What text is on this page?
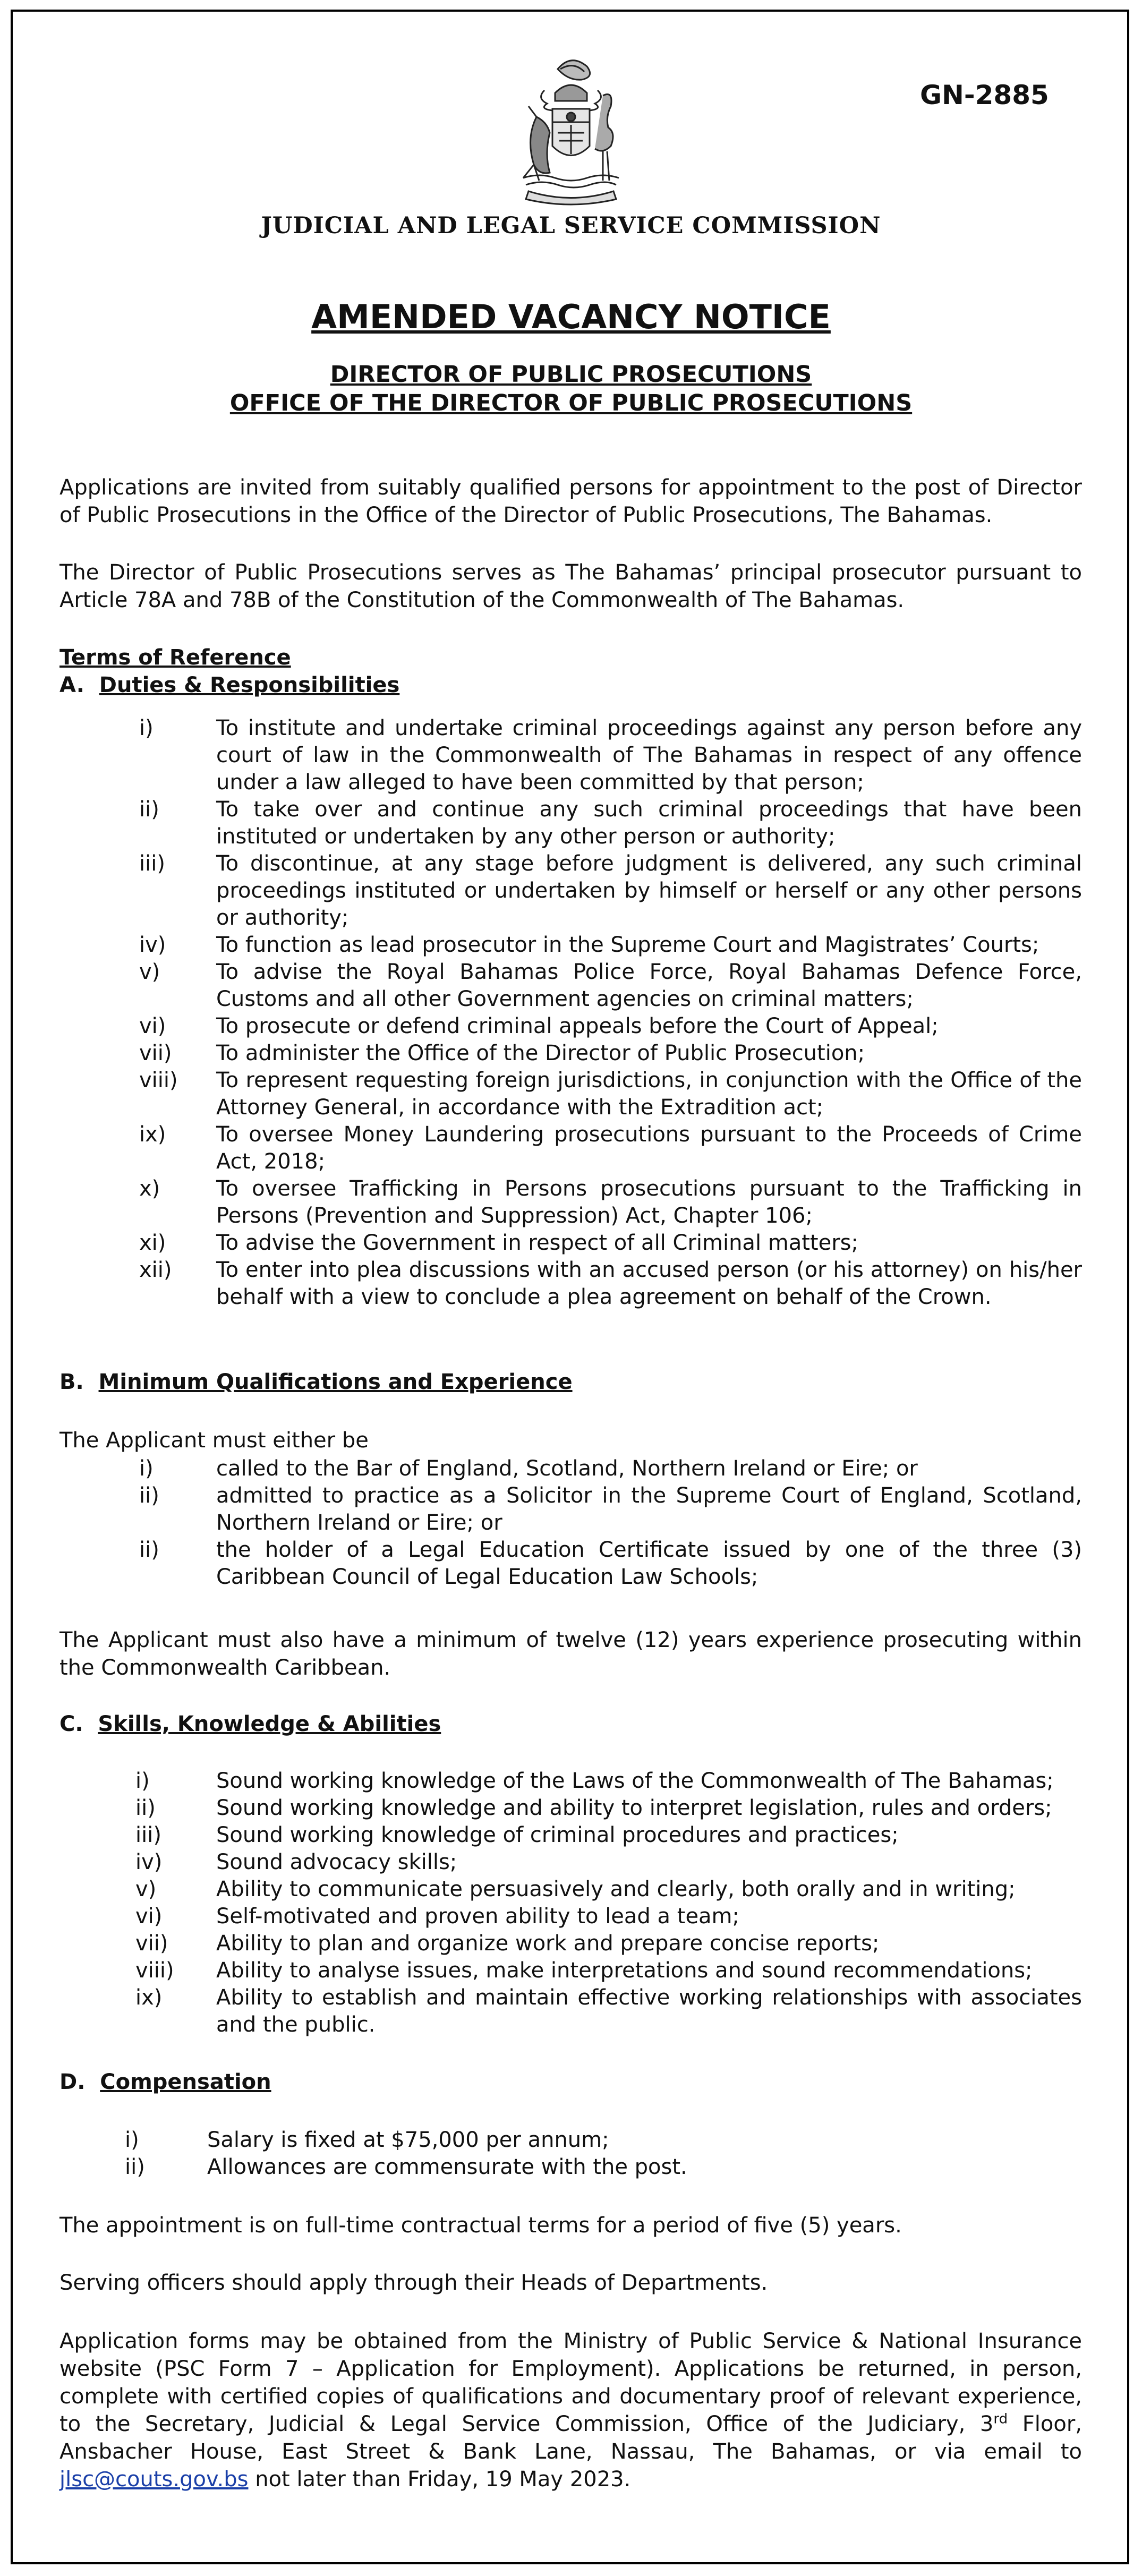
GN-2885
JUDICIAL AND LEGAL SERVICE COMMISSION
AMENDED VACANCY NOTICE
DIRECTOR OF PUBLIC PROSECUTIONS
OFFICE OF THE DIRECTOR OF PUBLIC PROSECUTIONS
Applications are invited from suitably qualified persons for appointment to the post of Director of Public Prosecutions in the Office of the Director of Public Prosecutions, The Bahamas.
The Director of Public Prosecutions serves as The Bahamas’ principal prosecutor pursuant to Article 78A and 78B of the Constitution of the Commonwealth of The Bahamas.
Terms of Reference
A. Duties & Responsibilities
i)	To institute and undertake criminal proceedings against any person before any court of law in the Commonwealth of The Bahamas in respect of any offence under a law alleged to have been committed by that person;
ii)	To take over and continue any such criminal proceedings that have been instituted or undertaken by any other person or authority;
iii) To discontinue, at any stage before judgment is delivered, any such criminal proceedings instituted or undertaken by himself or herself or any other persons or authority;
iv) To function as lead prosecutor in the Supreme Court and Magistrates’ Courts;
v)	To advise the Royal Bahamas Police Force, Royal Bahamas Defence Force, Customs and all other Government agencies on criminal matters;
vi) To prosecute or defend criminal appeals before the Court of Appeal;
vii) To administer the Office of the Director of Public Prosecution;
viii) To represent requesting foreign jurisdictions, in conjunction with the Office of the Attorney General, in accordance with the Extradition act;
ix) To oversee Money Laundering prosecutions pursuant to the Proceeds of Crime Act, 2018;
x)	To oversee Trafficking in Persons prosecutions pursuant to the Trafficking in Persons (Prevention and Suppression) Act, Chapter 106;
xi) To advise the Government in respect of all Criminal matters;
xii) To enter into plea discussions with an accused person (or his attorney) on his/her behalf with a view to conclude a plea agreement on behalf of the Crown.
B. Minimum Qualifications and Experience
The Applicant must either be
i)	called to the Bar of England, Scotland, Northern Ireland or Eire; or
ii)	admitted to practice as a Solicitor in the Supreme Court of England, Scotland, Northern Ireland or Eire; or
ii)	the holder of a Legal Education Certificate issued by one of the three (3) Caribbean Council of Legal Education Law Schools;
The Applicant must also have a minimum of twelve (12) years experience prosecuting within the Commonwealth Caribbean.
C. Skills, Knowledge & Abilities
i)	Sound working knowledge of the Laws of the Commonwealth of The Bahamas;
ii)	Sound working knowledge and ability to interpret legislation, rules and orders;
iii)	Sound working knowledge of criminal procedures and practices;
iv)	Sound advocacy skills;
v)	Ability to communicate persuasively and clearly, both orally and in writing;
vi)	Self-motivated and proven ability to lead a team;
vii) Ability to plan and organize work and prepare concise reports;
viii) Ability to analyse issues, make interpretations and sound recommendations;
ix)	Ability to establish and maintain effective working relationships with associates and the public.
D. Compensation
i)	Salary is fixed at $75,000 per annum;
ii)	Allowances are commensurate with the post.
The appointment is on full-time contractual terms for a period of five (5) years.
Serving officers should apply through their Heads of Departments.
Application forms may be obtained from the Ministry of Public Service & National Insurance website (PSC Form 7 – Application for Employment). Applications be returned, in person, complete with certified copies of qualifications and documentary proof of relevant experience, to the Secretary, Judicial & Legal Service Commission, Office of the Judiciary, 3rd Floor, Ansbacher House, East Street & Bank Lane, Nassau, The Bahamas, or via email to jlsc@couts.gov.bs not later than Friday, 19 May 2023.
